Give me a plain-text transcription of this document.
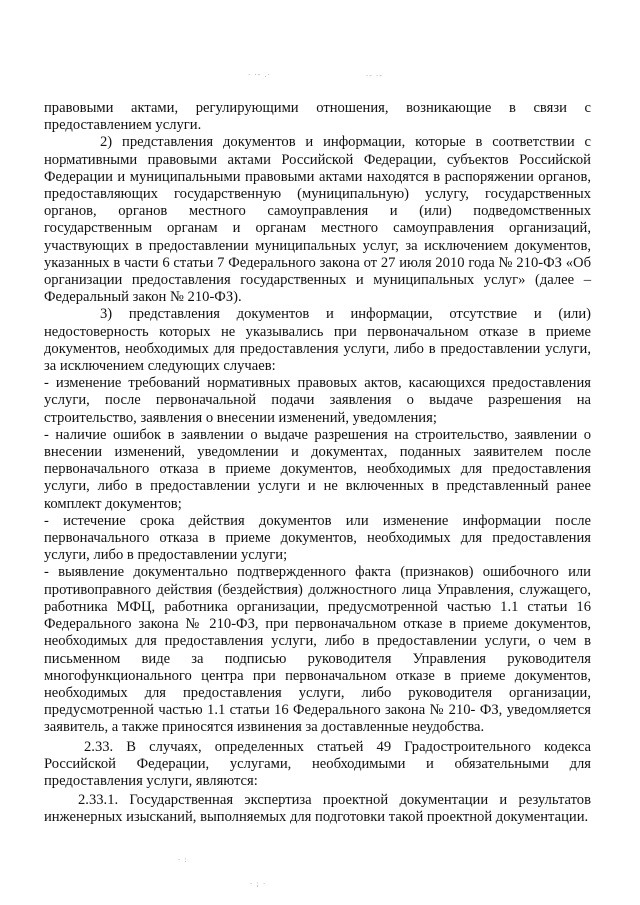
· ·- .·	·- ·-
· :
· ; ·

правовыми актами, регулирующими отношения, возникающие в связи с предоставлением услуги.

2) представления документов и информации, которые в соответствии с нормативными правовыми актами Российской Федерации, субъектов Российской Федерации и муниципальными правовыми актами находятся в распоряжении органов, предоставляющих государственную (муниципальную) услугу, государственных органов, органов местного самоуправления и (или) подведомственных государственным органам и органам местного самоуправления организаций, участвующих в предоставлении муниципальных услуг, за исключением документов, указанных в части 6 статьи 7 Федерального закона от 27 июля 2010 года № 210-ФЗ «Об организации предоставления государственных и муниципальных услуг» (далее – Федеральный закон № 210-ФЗ).

3) представления документов и информации, отсутствие и (или) недостоверность которых не указывались при первоначальном отказе в приеме документов, необходимых для предоставления услуги, либо в предоставлении услуги, за исключением следующих случаев:

- изменение требований нормативных правовых актов, касающихся предоставления услуги, после первоначальной подачи заявления о выдаче разрешения на строительство, заявления о внесении изменений, уведомления;

- наличие ошибок в заявлении о выдаче разрешения на строительство, заявлении о внесении изменений, уведомлении и документах, поданных заявителем после первоначального отказа в приеме документов, необходимых для предоставления услуги, либо в предоставлении услуги и не включенных в представленный ранее комплект документов;

- истечение срока действия документов или изменение информации после первоначального отказа в приеме документов, необходимых для предоставления услуги, либо в предоставлении услуги;

- выявление документально подтвержденного факта (признаков) ошибочного или противоправного действия (бездействия) должностного лица Управления, служащего, работника МФЦ, работника организации, предусмотренной частью 1.1 статьи 16 Федерального закона № 210-ФЗ, при первоначальном отказе в приеме документов, необходимых для предоставления услуги, либо в предоставлении услуги, о чем в письменном виде за подписью руководителя Управления руководителя многофункционального центра при первоначальном отказе в приеме документов, необходимых для предоставления услуги, либо руководителя организации, предусмотренной частью 1.1 статьи 16 Федерального закона № 210- ФЗ, уведомляется заявитель, а также приносятся извинения за доставленные неудобства.

2.33. В случаях, определенных статьей 49 Градостроительного кодекса Российской Федерации, услугами, необходимыми и обязательными для предоставления услуги, являются:

2.33.1. Государственная экспертиза проектной документации и результатов инженерных изысканий, выполняемых для подготовки такой проектной документации.
